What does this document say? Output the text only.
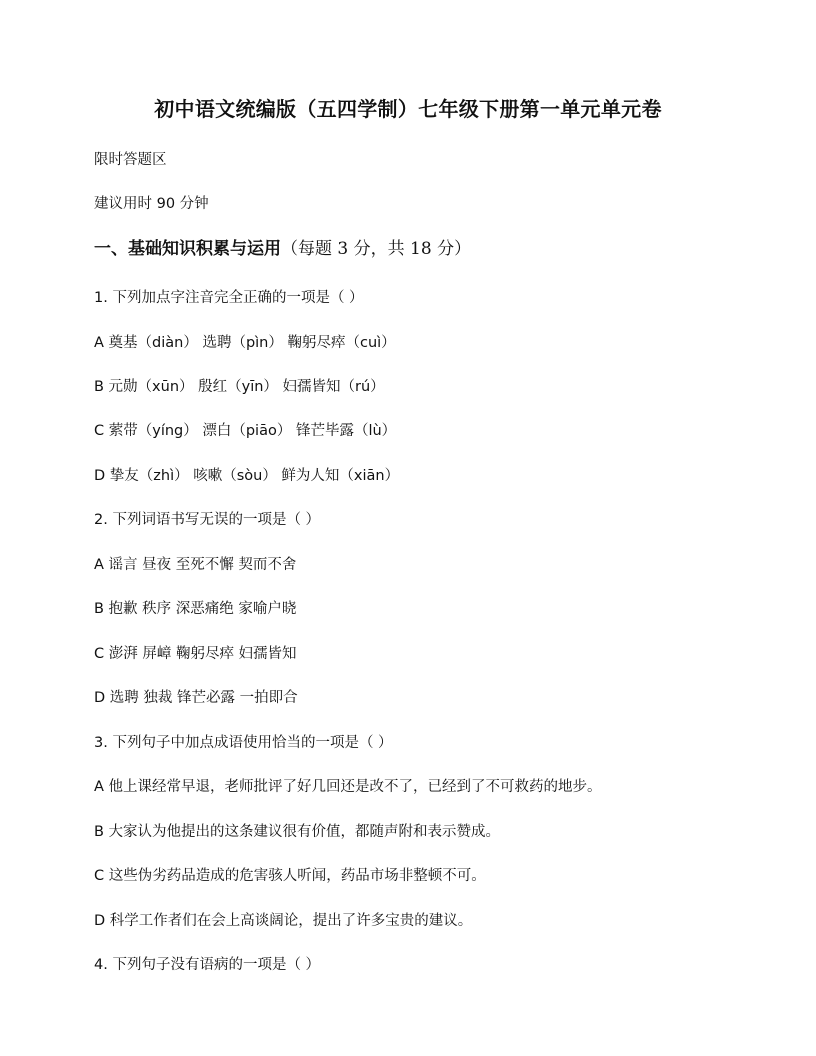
初中语文统编版（五四学制）七年级下册第一单元单元卷
限时答题区
建议用时 90 分钟
一、基础知识积累与运用（每题 3 分，共 18 分）
1. 下列加点字注音完全正确的一项是（ ）
A 奠基（diàn） 选聘（pìn） 鞠躬尽瘁（cuì）
B 元勋（xūn） 殷红（yīn） 妇孺皆知（rú）
C 萦带（yíng） 漂白（piāo） 锋芒毕露（lù）
D 挚友（zhì） 咳嗽（sòu） 鲜为人知（xiān）
2. 下列词语书写无误的一项是（ ）
A 谣言 昼夜 至死不懈 契而不舍
B 抱歉 秩序 深恶痛绝 家喻户晓
C 澎湃 屏嶂 鞠躬尽瘁 妇孺皆知
D 选聘 独裁 锋芒必露 一拍即合
3. 下列句子中加点成语使用恰当的一项是（ ）
A 他上课经常早退，老师批评了好几回还是改不了，已经到了不可救药的地步。
B 大家认为他提出的这条建议很有价值，都随声附和表示赞成。
C 这些伪劣药品造成的危害骇人听闻，药品市场非整顿不可。
D 科学工作者们在会上高谈阔论，提出了许多宝贵的建议。
4. 下列句子没有语病的一项是（ ）
